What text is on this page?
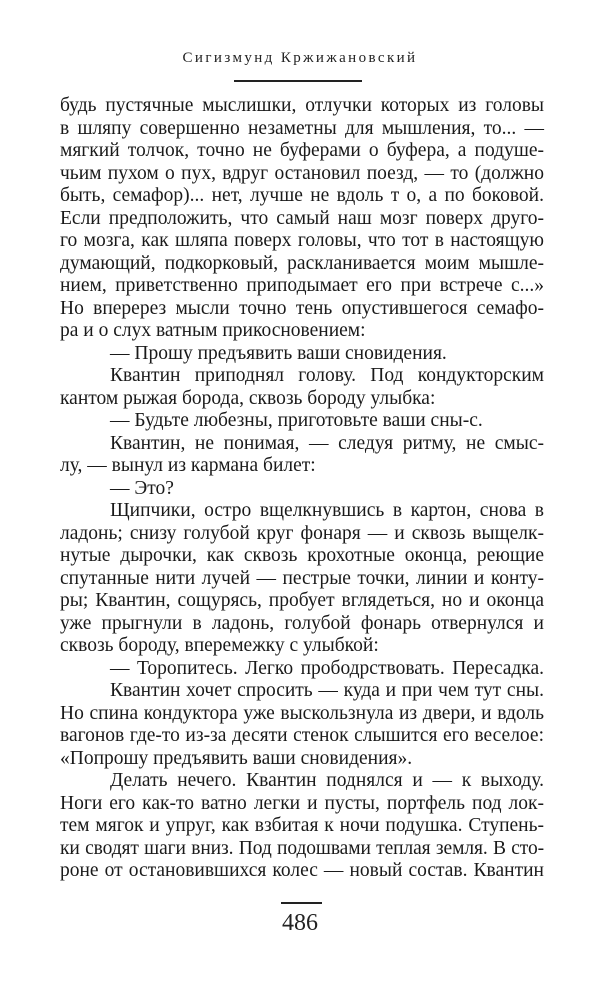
Сигизмунд Кржижановский
будь пустячные мыслишки, отлучки которых из головы
в шляпу совершенно незаметны для мышления, то... —
мягкий толчок, точно не буферами о буфера, а подуше-
чьим пухом о пух, вдруг остановил поезд, — то (должно
быть, семафор)... нет, лучше не вдоль т о, а по боковой.
Если предположить, что самый наш мозг поверх друго-
го мозга, как шляпа поверх головы, что тот в настоящую
думающий, подкорковый, раскланивается моим мышле-
нием, приветственно приподымает его при встрече с...»
Но вперерез мысли точно тень опустившегося семафо-
ра и о слух ватным прикосновением:
— Прошу предъявить ваши сновидения.
Квантин приподнял голову. Под кондукторским
кантом рыжая борода, сквозь бороду улыбка:
— Будьте любезны, приготовьте ваши сны-с.
Квантин, не понимая, — следуя ритму, не смыс-
лу, — вынул из кармана билет:
— Это?
Щипчики, остро вщелкнувшись в картон, снова в
ладонь; снизу голубой круг фонаря — и сквозь выщелк-
нутые дырочки, как сквозь крохотные оконца, реющие
спутанные нити лучей — пестрые точки, линии и конту-
ры; Квантин, сощурясь, пробует вглядеться, но и оконца
уже прыгнули в ладонь, голубой фонарь отвернулся и
сквозь бороду, вперемежку с улыбкой:
— Торопитесь. Легко прободрствовать. Пересадка.
Квантин хочет спросить — куда и при чем тут сны.
Но спина кондуктора уже выскользнула из двери, и вдоль
вагонов где-то из-за десяти стенок слышится его веселое:
«Попрошу предъявить ваши сновидения».
Делать нечего. Квантин поднялся и — к выходу.
Ноги его как-то ватно легки и пусты, портфель под лок-
тем мягок и упруг, как взбитая к ночи подушка. Ступень-
ки сводят шаги вниз. Под подошвами теплая земля. В сто-
роне от остановившихся колес — новый состав. Квантин
486
